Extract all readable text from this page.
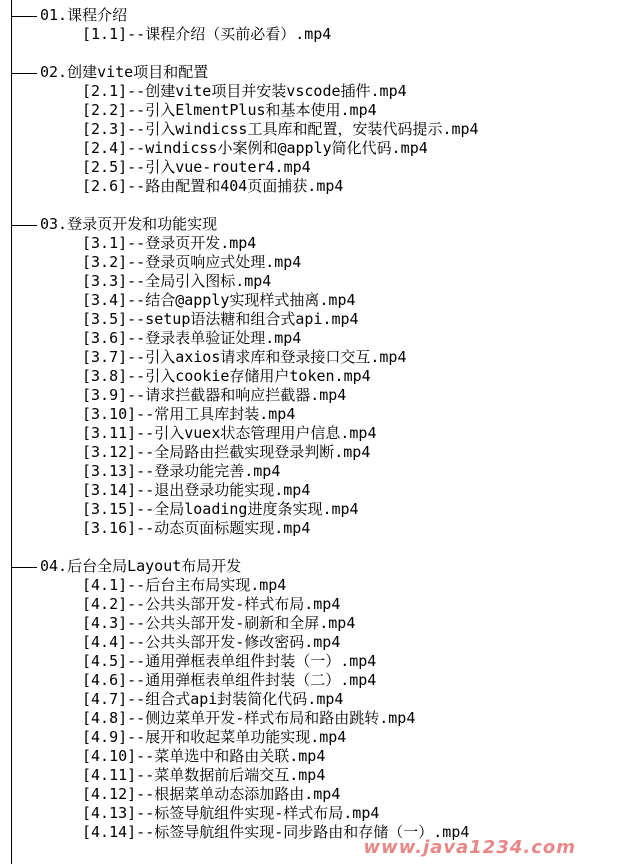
01.课程介绍
[1.1]--课程介绍（买前必看）.mp4
02.创建vite项目和配置
[2.1]--创建vite项目并安装vscode插件.mp4
[2.2]--引入ElmentPlus和基本使用.mp4
[2.3]--引入windicss工具库和配置，安装代码提示.mp4
[2.4]--windicss小案例和@apply简化代码.mp4
[2.5]--引入vue-router4.mp4
[2.6]--路由配置和404页面捕获.mp4
03.登录页开发和功能实现
[3.1]--登录页开发.mp4
[3.2]--登录页响应式处理.mp4
[3.3]--全局引入图标.mp4
[3.4]--结合@apply实现样式抽离.mp4
[3.5]--setup语法糖和组合式api.mp4
[3.6]--登录表单验证处理.mp4
[3.7]--引入axios请求库和登录接口交互.mp4
[3.8]--引入cookie存储用户token.mp4
[3.9]--请求拦截器和响应拦截器.mp4
[3.10]--常用工具库封装.mp4
[3.11]--引入vuex状态管理用户信息.mp4
[3.12]--全局路由拦截实现登录判断.mp4
[3.13]--登录功能完善.mp4
[3.14]--退出登录功能实现.mp4
[3.15]--全局loading进度条实现.mp4
[3.16]--动态页面标题实现.mp4
04.后台全局Layout布局开发
[4.1]--后台主布局实现.mp4
[4.2]--公共头部开发-样式布局.mp4
[4.3]--公共头部开发-刷新和全屏.mp4
[4.4]--公共头部开发-修改密码.mp4
[4.5]--通用弹框表单组件封装（一）.mp4
[4.6]--通用弹框表单组件封装（二）.mp4
[4.7]--组合式api封装简化代码.mp4
[4.8]--侧边菜单开发-样式布局和路由跳转.mp4
[4.9]--展开和收起菜单功能实现.mp4
[4.10]--菜单选中和路由关联.mp4
[4.11]--菜单数据前后端交互.mp4
[4.12]--根据菜单动态添加路由.mp4
[4.13]--标签导航组件实现-样式布局.mp4
[4.14]--标签导航组件实现-同步路由和存储（一）.mp4
www.java1234.com
